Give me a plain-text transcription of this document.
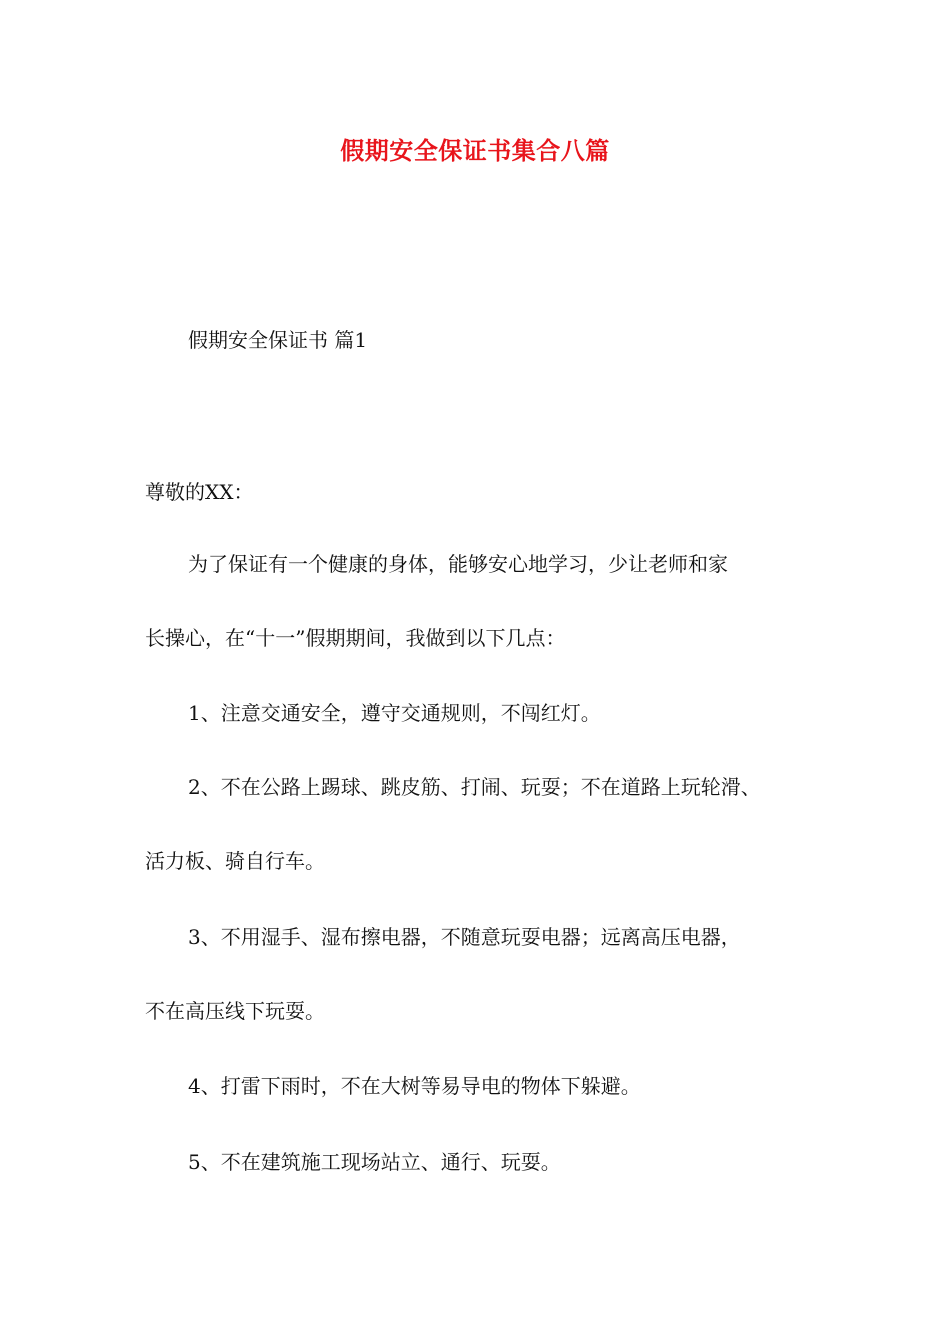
假期安全保证书集合八篇
假期安全保证书 篇1
尊敬的XX：
为了保证有一个健康的身体，能够安心地学习，少让老师和家
长操心，在“十一”假期期间，我做到以下几点：
1、注意交通安全，遵守交通规则，不闯红灯。
2、不在公路上踢球、跳皮筋、打闹、玩耍；不在道路上玩轮滑、
活力板、骑自行车。
3、不用湿手、湿布擦电器，不随意玩耍电器；远离高压电器，
不在高压线下玩耍。
4、打雷下雨时，不在大树等易导电的物体下躲避。
5、不在建筑施工现场站立、通行、玩耍。
